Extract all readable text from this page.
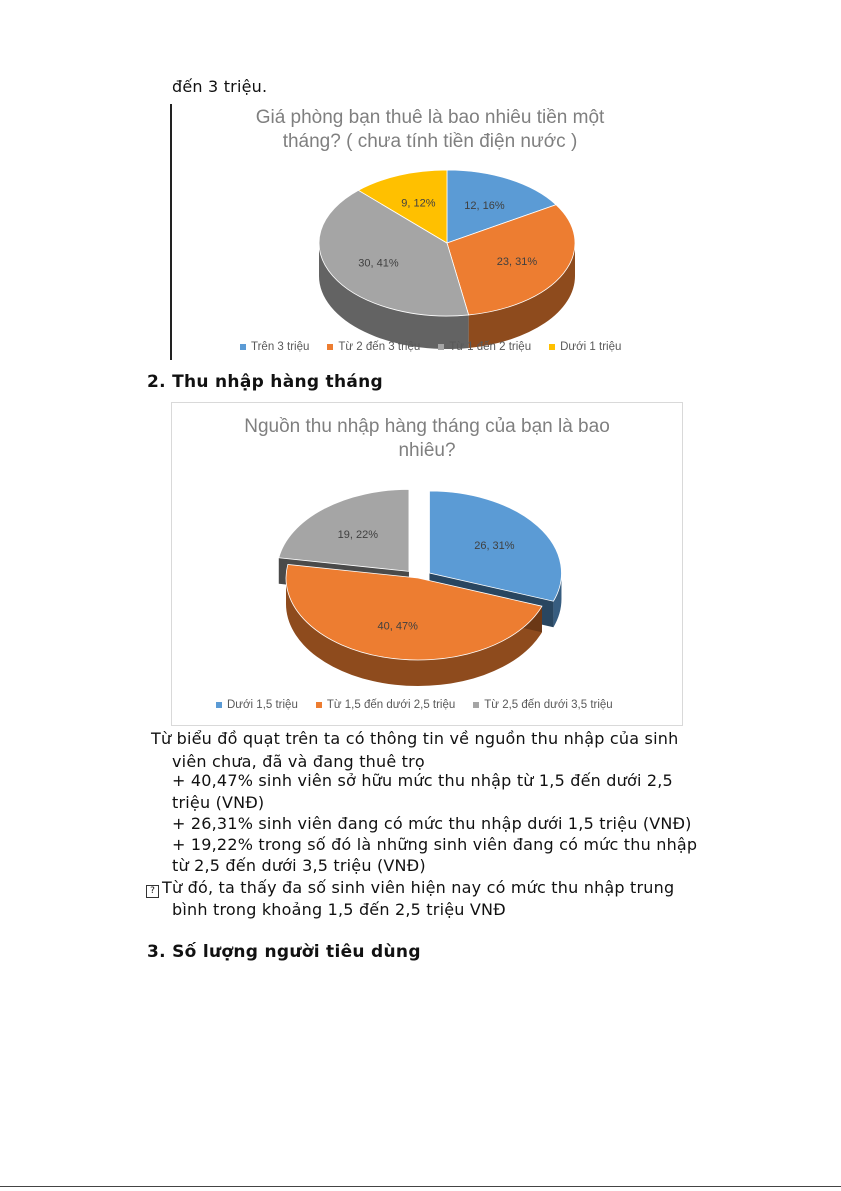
đến 3 triệu.
Giá phòng bạn thuê là bao nhiêu tiền một
tháng? ( chưa tính tiền điện nước )
12, 16%
23, 31%
30, 41%
9, 12%
Trên 3 triệu	Từ 2 đến 3 triệu	Từ 1 đến 2 triệu	Dưới 1 triệu
2. Thu nhập hàng tháng
Nguồn thu nhập hàng tháng của bạn là bao
nhiêu?
26, 31%
40, 47%
19, 22%
Dưới 1,5 triệu	Từ 1,5 đến dưới 2,5 triệu	Từ 2,5 đến dưới 3,5 triệu
Từ biểu đồ quạt trên ta có thông tin về nguồn thu nhập của sinh
viên chưa, đã và đang thuê trọ
+ 40,47% sinh viên sở hữu mức thu nhập từ 1,5 đến dưới 2,5
triệu (VNĐ)
+ 26,31% sinh viên đang có mức thu nhập dưới 1,5 triệu (VNĐ)
+ 19,22% trong số đó là những sinh viên đang có mức thu nhập
từ 2,5 đến dưới 3,5 triệu (VNĐ)
? Từ đó, ta thấy đa số sinh viên hiện nay có mức thu nhập trung
bình trong khoảng 1,5 đến 2,5 triệu VNĐ
3. Số lượng người tiêu dùng
